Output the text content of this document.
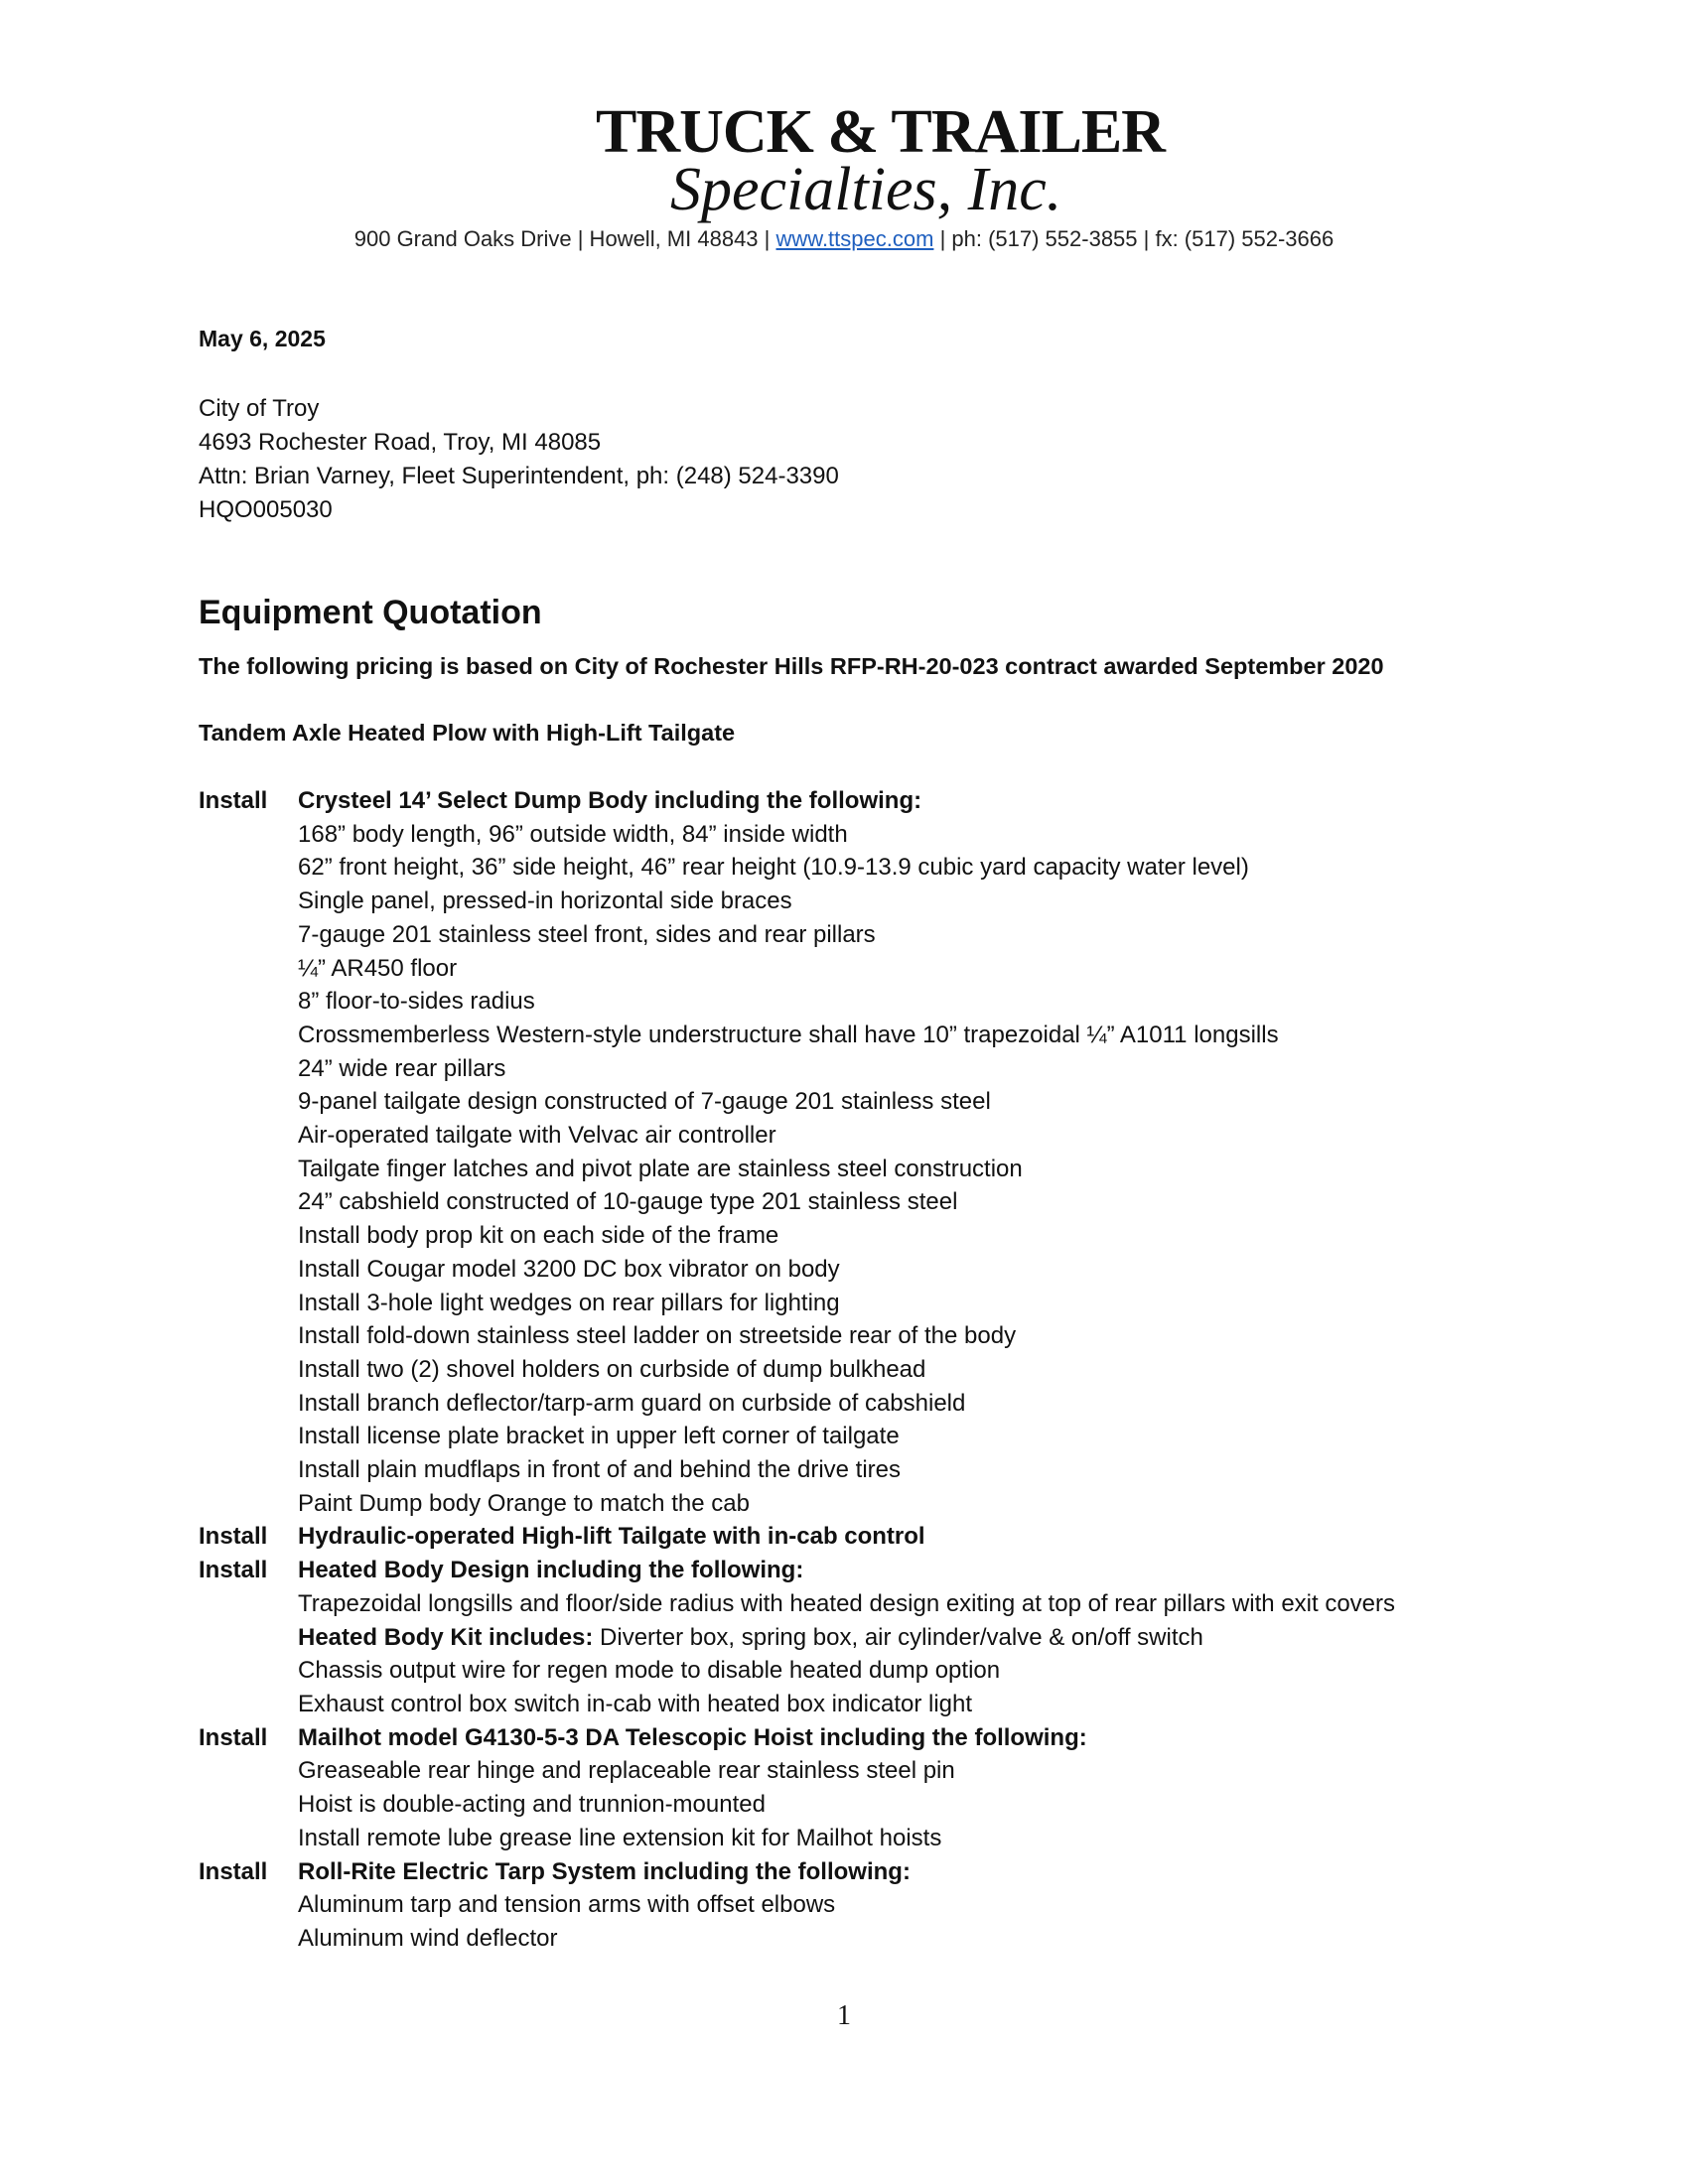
TRUCK & TRAILER
Specialties, Inc.
900 Grand Oaks Drive | Howell, MI 48843 | www.ttspec.com | ph: (517) 552-3855 | fx: (517) 552-3666
May 6, 2025
City of Troy
4693 Rochester Road, Troy, MI 48085
Attn: Brian Varney, Fleet Superintendent, ph: (248) 524-3390
HQO005030
Equipment Quotation
The following pricing is based on City of Rochester Hills RFP-RH-20-023 contract awarded September 2020
Tandem Axle Heated Plow with High-Lift Tailgate
Install	Crysteel 14’ Select Dump Body including the following:
168” body length, 96” outside width, 84” inside width
62” front height, 36” side height, 46” rear height (10.9-13.9 cubic yard capacity water level)
Single panel, pressed-in horizontal side braces
7-gauge 201 stainless steel front, sides and rear pillars
¼” AR450 floor
8” floor-to-sides radius
Crossmemberless Western-style understructure shall have 10” trapezoidal ¼” A1011 longsills
24” wide rear pillars
9-panel tailgate design constructed of 7-gauge 201 stainless steel
Air-operated tailgate with Velvac air controller
Tailgate finger latches and pivot plate are stainless steel construction
24” cabshield constructed of 10-gauge type 201 stainless steel
Install body prop kit on each side of the frame
Install Cougar model 3200 DC box vibrator on body
Install 3-hole light wedges on rear pillars for lighting
Install fold-down stainless steel ladder on streetside rear of the body
Install two (2) shovel holders on curbside of dump bulkhead
Install branch deflector/tarp-arm guard on curbside of cabshield
Install license plate bracket in upper left corner of tailgate
Install plain mudflaps in front of and behind the drive tires
Paint Dump body Orange to match the cab
Install	Hydraulic-operated High-lift Tailgate with in-cab control
Install	Heated Body Design including the following:
Trapezoidal longsills and floor/side radius with heated design exiting at top of rear pillars with exit covers
Heated Body Kit includes: Diverter box, spring box, air cylinder/valve & on/off switch
Chassis output wire for regen mode to disable heated dump option
Exhaust control box switch in-cab with heated box indicator light
Install	Mailhot model G4130-5-3 DA Telescopic Hoist including the following:
Greaseable rear hinge and replaceable rear stainless steel pin
Hoist is double-acting and trunnion-mounted
Install remote lube grease line extension kit for Mailhot hoists
Install	Roll-Rite Electric Tarp System including the following:
Aluminum tarp and tension arms with offset elbows
Aluminum wind deflector
1
